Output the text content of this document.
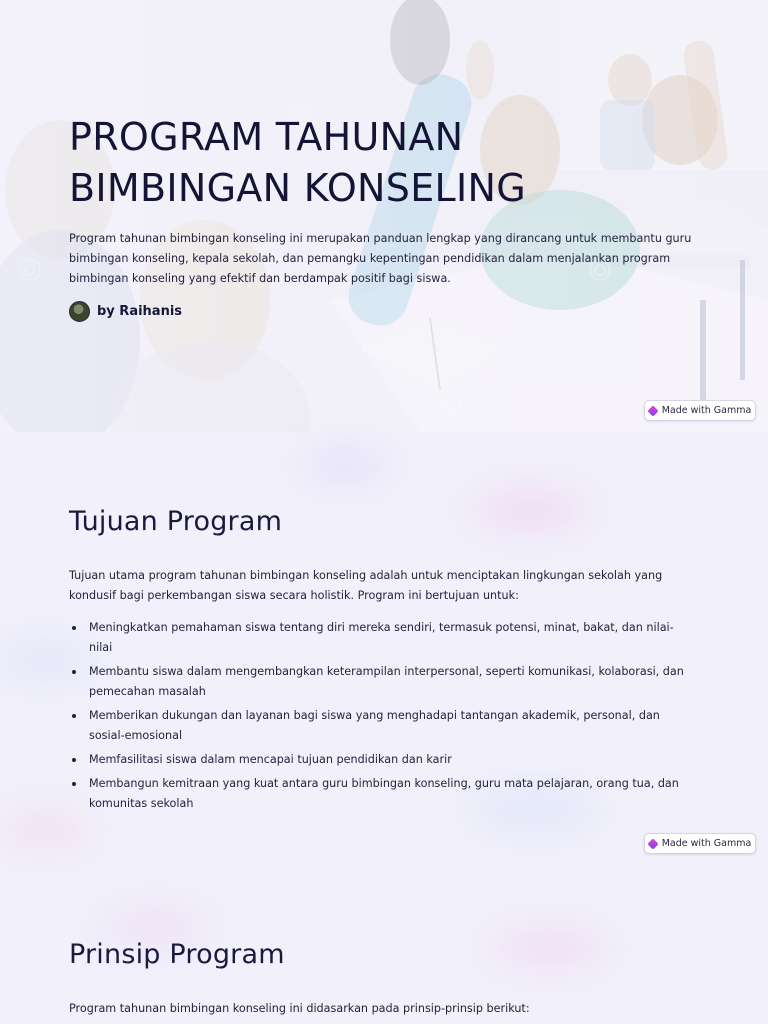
PROGRAM TAHUNAN BIMBINGAN KONSELING

Program tahunan bimbingan konseling ini merupakan panduan lengkap yang dirancang untuk membantu guru bimbingan konseling, kepala sekolah, dan pemangku kepentingan pendidikan dalam menjalankan program bimbingan konseling yang efektif dan berdampak positif bagi siswa.

by Raihanis
Made with Gamma
Tujuan Program

Tujuan utama program tahunan bimbingan konseling adalah untuk menciptakan lingkungan sekolah yang kondusif bagi perkembangan siswa secara holistik. Program ini bertujuan untuk:

Meningkatkan pemahaman siswa tentang diri mereka sendiri, termasuk potensi, minat, bakat, dan nilai-nilai
Membantu siswa dalam mengembangkan keterampilan interpersonal, seperti komunikasi, kolaborasi, dan pemecahan masalah
Memberikan dukungan dan layanan bagi siswa yang menghadapi tantangan akademik, personal, dan sosial-emosional
Memfasilitasi siswa dalam mencapai tujuan pendidikan dan karir
Membangun kemitraan yang kuat antara guru bimbingan konseling, guru mata pelajaran, orang tua, dan komunitas sekolah
Made with Gamma
Prinsip Program

Program tahunan bimbingan konseling ini didasarkan pada prinsip-prinsip berikut:
